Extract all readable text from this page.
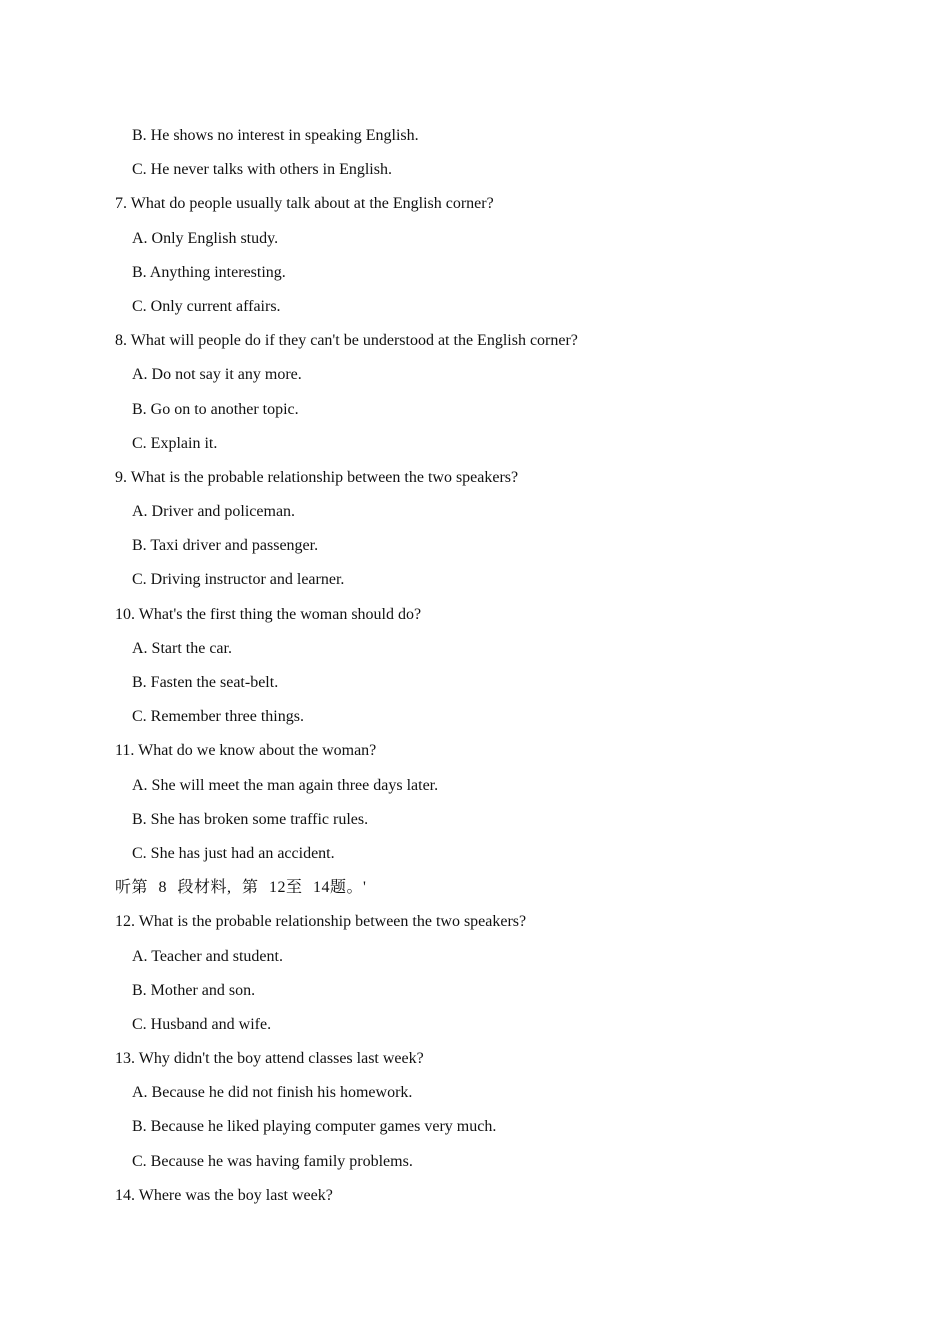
B. He shows no interest in speaking English.
C. He never talks with others in English.
7. What do people usually talk about at the English corner?
A. Only English study.
B. Anything interesting.
C. Only current affairs.
8. What will people do if they can't be understood at the English corner?
A. Do not say it any more.
B. Go on to another topic.
C. Explain it.
9. What is the probable relationship between the two speakers?
A. Driver and policeman.
B. Taxi driver and passenger.
C. Driving instructor and learner.
10. What's the first thing the woman should do?
A. Start the car.
B. Fasten the seat-belt.
C. Remember three things.
11. What do we know about the woman?
A. She will meet the man again three days later.
B. She has broken some traffic rules.
C. She has just had an accident.
听第 8 段材料, 第 12至 14题。'
12. What is the probable relationship between the two speakers?
A. Teacher and student.
B. Mother and son.
C. Husband and wife.
13. Why didn't the boy attend classes last week?
A. Because he did not finish his homework.
B. Because he liked playing computer games very much.
C. Because he was having family problems.
14. Where was the boy last week?
